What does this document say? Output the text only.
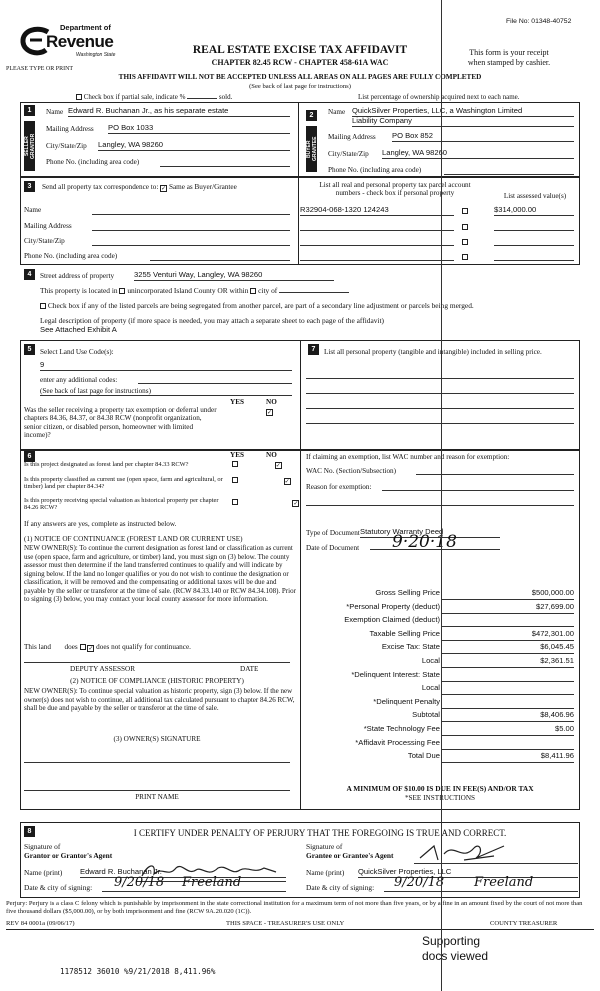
File No: 01348-40752
Department of
Revenue
Washington State
PLEASE TYPE OR PRINT
REAL ESTATE EXCISE TAX AFFIDAVIT
CHAPTER 82.45 RCW - CHAPTER 458-61A WAC
This form is your receipt
when stamped by cashier.
THIS AFFIDAVIT WILL NOT BE ACCEPTED UNLESS ALL AREAS ON ALL PAGES ARE FULLY COMPLETED
(See back of last page for instructions)
Check box if partial sale, indicate %	sold.	List percentage of ownership acquired next to each name.
1
SELLER GRANTOR
Name Edward R. Buchanan Jr., as his separate estate
Mailing Address PO Box 1033
City/State/Zip Langley, WA 98260
Phone No. (including area code)
2
BUYER GRANTEE
Name QuickSilver Properties, LLC, a Washington Limited
Liability Company
Mailing Address PO Box 852
City/State/Zip Langley, WA 98260
Phone No. (including area code)
3	Send all property tax correspondence to: ✓ Same as Buyer/Grantee
Name
Mailing Address
City/State/Zip
Phone No. (including area code)
List all real and personal property tax parcel account
numbers - check box if personal property	List assessed value(s)
R32904-068-1320 124243	$314,000.00
4	Street address of property	3255 Venturi Way, Langley, WA 98260
This property is located in unincorporated Island County OR within city of
Check box if any of the listed parcels are being segregated from another parcel, are part of a secondary line adjustment or parcels being merged.
Legal description of property (if more space is needed, you may attach a separate sheet to each page of the affidavit)
See Attached Exhibit A
5	Select Land Use Code(s):
9
enter any additional codes:
(See back of last page for instructions)
YES	NO
Was the seller receiving a property tax exemption or deferral under chapters 84.36, 84.37, or 84.38 RCW (nonprofit organization, senior citizen, or disabled person, homeowner with limited income)?
✓
7	List all personal property (tangible and intangible) included in selling price.
6	YES	NO
Is this project designated as forest land per chapter 84.33 RCW?	✓
Is this property classified as current use (open space, farm and agricultural, or timber) land per chapter 84.34?
✓
Is this property receiving special valuation as historical property per chapter 84.26 RCW?
✓
If any answers are yes, complete as instructed below.
(1) NOTICE OF CONTINUANCE (FOREST LAND OR CURRENT USE)
NEW OWNER(S): To continue the current designation as forest land or classification as current use (open space, farm and agriculture, or timber) land, you must sign on (3) below. The county assessor must then determine if the land transferred continues to qualify and will indicate by signing below. If the land no longer qualifies or you do not wish to continue the designation or classification, it will be removed and the compensating or additional taxes will be due and payable by the seller or transferor at the time of sale. (RCW 84.33.140 or RCW 84.34.108). Prior to signing (3) below, you may contact your local county assessor for more information.
This land does ✓ does not qualify for continuance.
DEPUTY ASSESSOR	DATE
(2) NOTICE OF COMPLIANCE (HISTORIC PROPERTY)
NEW OWNER(S): To continue special valuation as historic property, sign (3) below. If the new owner(s) does not wish to continue, all additional tax calculated pursuant to chapter 84.26 RCW, shall be due and payable by the seller or transferor at the time of sale.
(3) OWNER(S) SIGNATURE
PRINT NAME
If claiming an exemption, list WAC number and reason for exemption:
WAC No. (Section/Subsection)
Reason for exemption:
Type of Document Statutory Warranty Deed
Date of Document	9·20·18
Gross Selling Price	$500,000.00
*Personal Property (deduct)	$27,699.00
Exemption Claimed (deduct)
Taxable Selling Price	$472,301.00
Excise Tax: State	$6,045.45
Local	$2,361.51
*Delinquent Interest: State
Local
*Delinquent Penalty
Subtotal	$8,406.96
*State Technology Fee	$5.00
*Affidavit Processing Fee
Total Due	$8,411.96
A MINIMUM OF $10.00 IS DUE IN FEE(S) AND/OR TAX
*SEE INSTRUCTIONS
8	I CERTIFY UNDER PENALTY OF PERJURY THAT THE FOREGOING IS TRUE AND CORRECT.
Signature of
Grantor or Grantor's Agent
Name (print) Edward R. Buchanan Jr.
Date & city of signing: 9/20/18 Freeland
Signature of
Grantee or Grantee's Agent
Name (print) QuickSilver Properties, LLC
Date & city of signing: 9/20/18 Freeland
Perjury: Perjury is a class C felony which is punishable by imprisonment in the state correctional institution for a maximum term of not more than five years, or by a fine in an amount fixed by the court of not more than five thousand dollars ($5,000.00), or by both imprisonment and fine (RCW 9A.20.020 (1C)).
REV 84 0001a (09/06/17)	THIS SPACE - TREASURER'S USE ONLY	COUNTY TREASURER
Supporting
docs viewed
1178512 36010 %9/21/2018 8,411.96%
